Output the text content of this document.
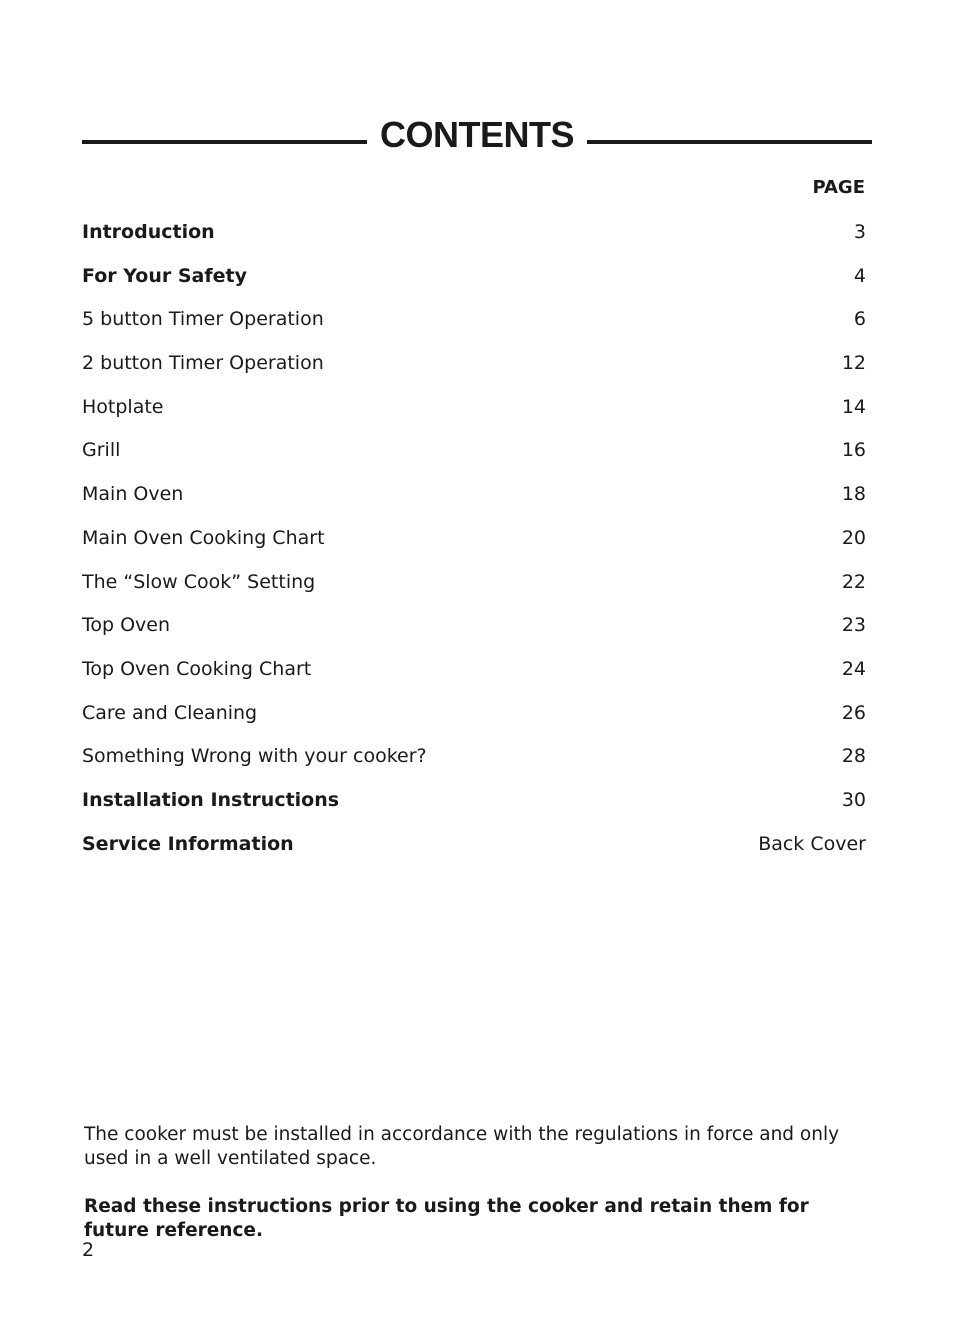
CONTENTS
PAGE
Introduction	3
For Your Safety	4
5 button Timer Operation	6
2 button Timer Operation	12
Hotplate	14
Grill	16
Main Oven	18
Main Oven Cooking Chart	20
The “Slow Cook” Setting	22
Top Oven	23
Top Oven Cooking Chart	24
Care and Cleaning	26
Something Wrong with your cooker?	28
Installation Instructions	30
Service Information	Back Cover

The cooker must be installed in accordance with the regulations in force and only used in a well ventilated space.

Read these instructions prior to using the cooker and retain them for future reference.

2
